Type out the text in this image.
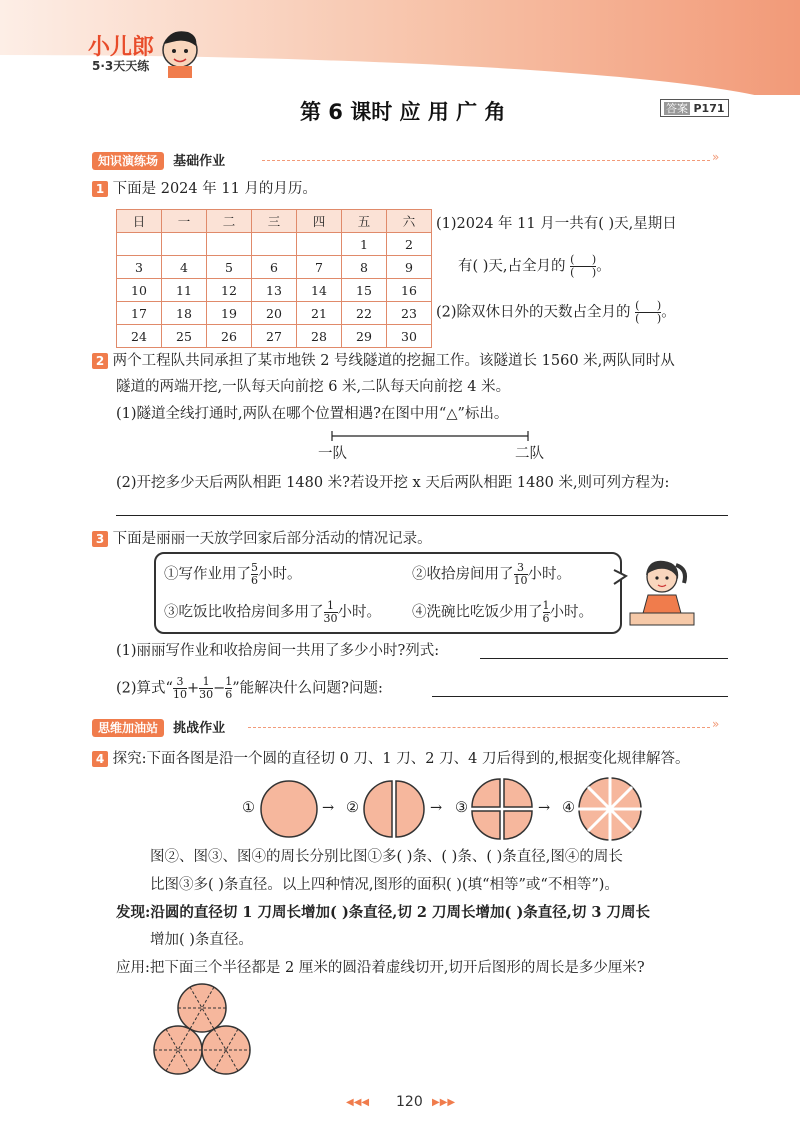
小儿郎
5·3天天练
第 6 课时 应 用 广 角	答案 P171
知识演练场 基础作业	»
1 下面是 2024 年 11 月的月历。
日	一	二	三	四	五	六
					1	2
3	4	5	6	7	8	9
10	11	12	13	14	15	16
17	18	19	20	21	22	23
24	25	26	27	28	29	30
(1)2024 年 11 月一共有( )天,星期日
有( )天,占全月的 $\frac{( )}{( )}$ 。
(2)除双休日外的天数占全月的 $\frac{( )}{( )}$ 。
2 两个工程队共同承担了某市地铁 2 号线隧道的挖掘工作。该隧道长 1560 米,两队同时从
隧道的两端开挖,一队每天向前挖 6 米,二队每天向前挖 4 米。
(1)隧道全线打通时,两队在哪个位置相遇?在图中用“△”标出。
一队	二队
(2)开挖多少天后两队相距 1480 米?若设开挖 x 天后两队相距 1480 米,则可列方程为:
3 下面是丽丽一天放学回家后部分活动的情况记录。
①写作业用了 $\frac{5}{6}$ 小时。	②收拾房间用了 $\frac{3}{10}$ 小时。
③吃饭比收拾房间多用了 $\frac{1}{30}$ 小时。 ④洗碗比吃饭少用了 $\frac{1}{6}$ 小时。
(1)丽丽写作业和收拾房间一共用了多少小时?列式:
(2)算式“ $\frac{3}{10} + \frac{1}{30} - \frac{1}{6}$ ”能解决什么问题?问题:
思维加油站 挑战作业	»
4 探究:下面各图是沿一个圆的直径切 0 刀、1 刀、2 刀、4 刀后得到的,根据变化规律解答。
①	→ ②	→ ③	→ ④
图②、图③、图④的周长分别比图①多( )条、( )条、( )条直径,图④的周长
比图③多( )条直径。以上四种情况,图形的面积( )(填“相等”或“不相等”)。
发现:沿圆的直径切 1 刀周长增加( )条直径,切 2 刀周长增加( )条直径,切 3 刀周长
增加( )条直径。
应用:把下面三个半径都是 2 厘米的圆沿着虚线切开,切开后图形的周长是多少厘米?
◀◀◀ 120 ▶▶▶
